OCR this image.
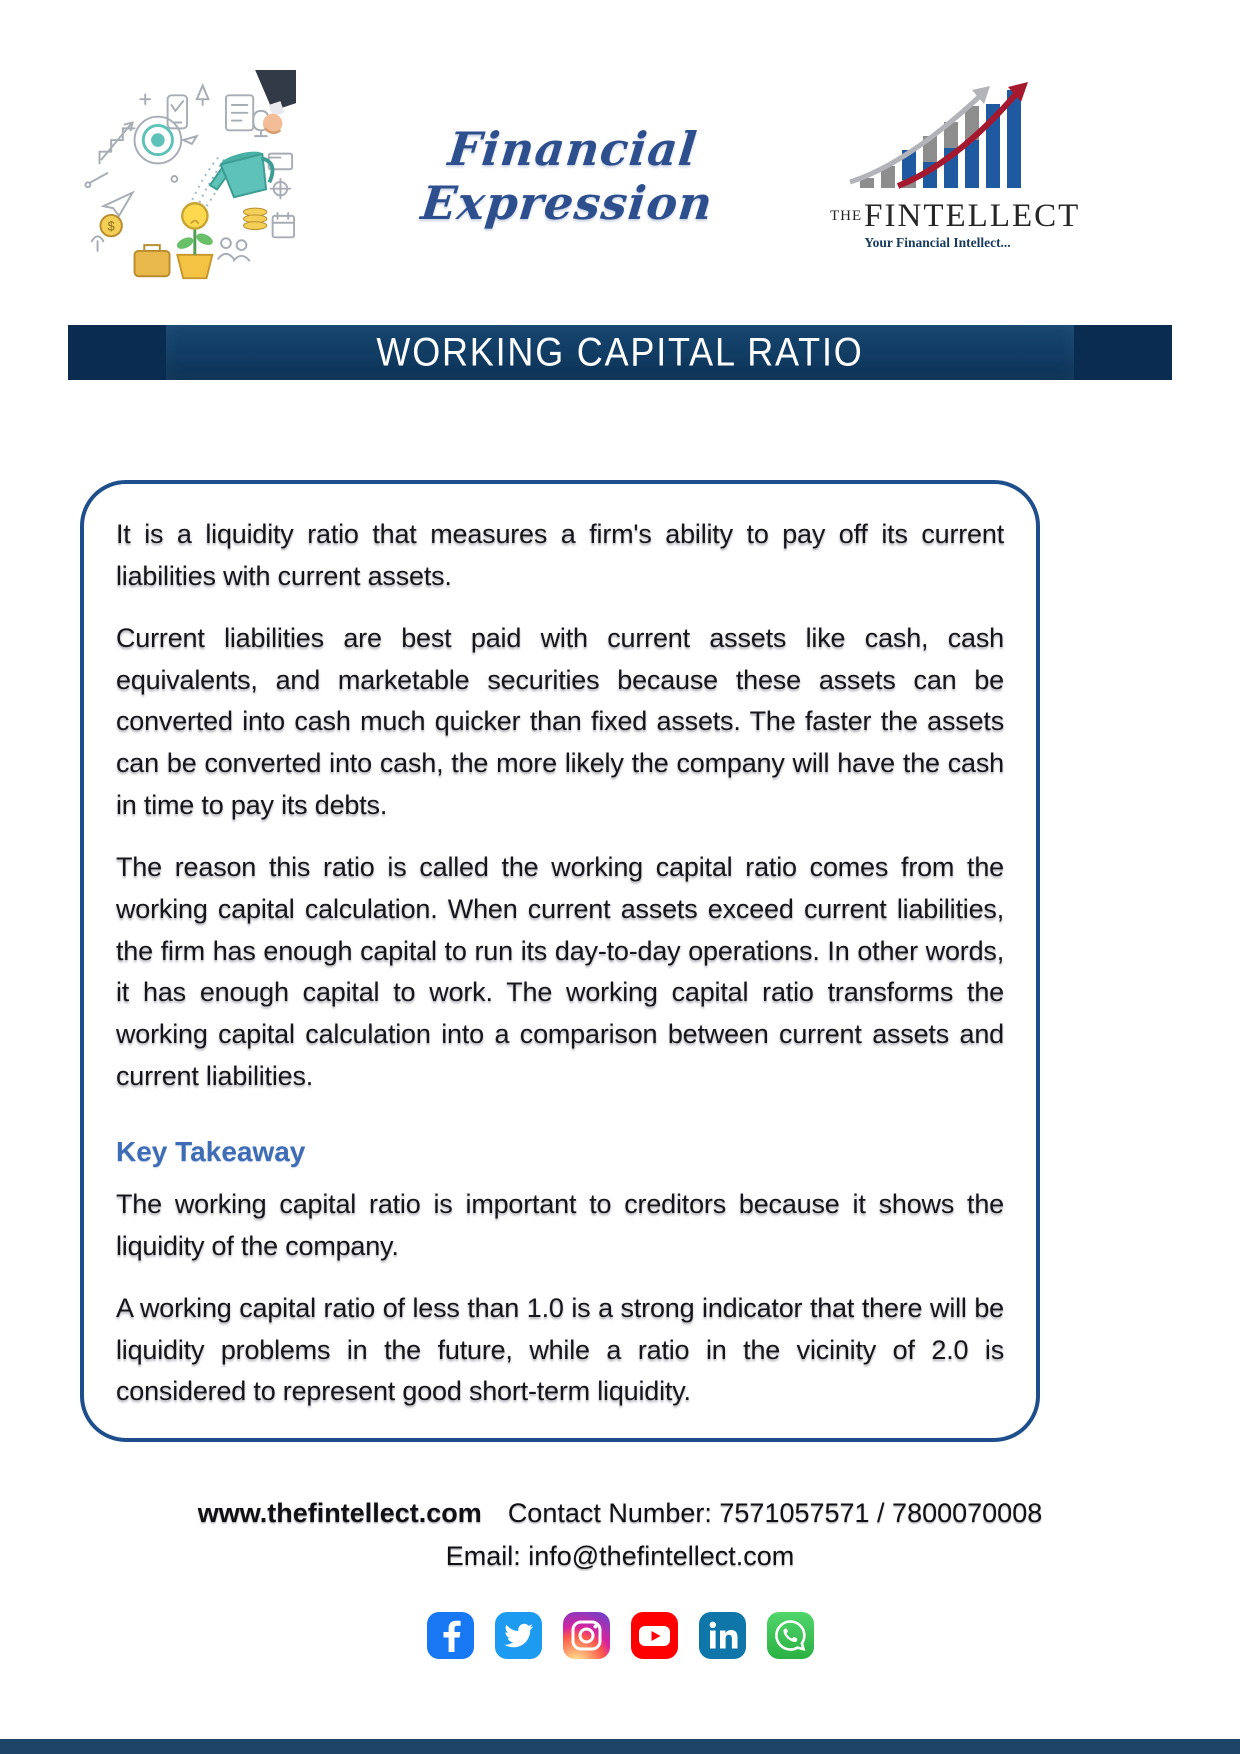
$
Financial Expression	THEFINTELLECT
Your Financial Intellect...
WORKING CAPITAL RATIO

It is a liquidity ratio that measures a firm's ability to pay off its current liabilities with current assets.

Current liabilities are best paid with current assets like cash, cash equivalents, and marketable securities because these assets can be converted into cash much quicker than fixed assets. The faster the assets can be converted into cash, the more likely the company will have the cash in time to pay its debts.

The reason this ratio is called the working capital ratio comes from the working capital calculation. When current assets exceed current liabilities, the firm has enough capital to run its day-to-day operations. In other words, it has enough capital to work. The working capital ratio transforms the working capital calculation into a comparison between current assets and current liabilities.

Key Takeaway

The working capital ratio is important to creditors because it shows the liquidity of the company.

A working capital ratio of less than 1.0 is a strong indicator that there will be liquidity problems in the future, while a ratio in the vicinity of 2.0 is considered to represent good short-term liquidity.

www.thefintellect.com Contact Number: 7571057571 / 7800070008
Email: info@thefintellect.com
